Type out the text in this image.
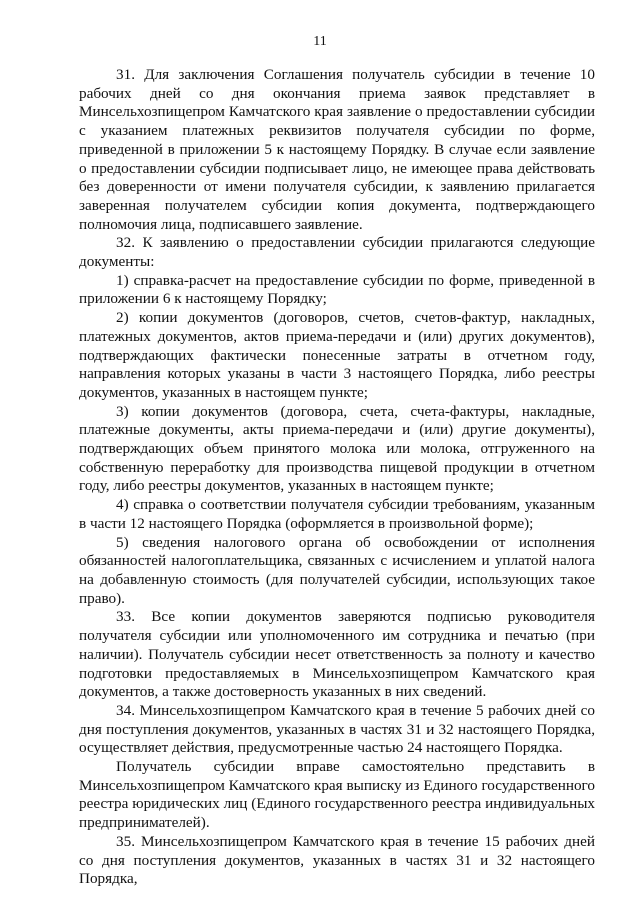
11

31. Для заключения Соглашения получатель субсидии в течение 10 рабочих дней со дня окончания приема заявок представляет в Минсельхозпищепром Камчатского края заявление о предоставлении субсидии с указанием платежных реквизитов получателя субсидии по форме, приведенной в приложении 5 к настоящему Порядку. В случае если заявление о предоставлении субсидии подписывает лицо, не имеющее права действовать без доверенности от имени получателя субсидии, к заявлению прилагается заверенная получателем субсидии копия документа, подтверждающего полномочия лица, подписавшего заявление.

32. К заявлению о предоставлении субсидии прилагаются следующие документы:

1) справка-расчет на предоставление субсидии по форме, приведенной в приложении 6 к настоящему Порядку;

2) копии документов (договоров, счетов, счетов-фактур, накладных, платежных документов, актов приема-передачи и (или) других документов), подтверждающих фактически понесенные затраты в отчетном году, направления которых указаны в части 3 настоящего Порядка, либо реестры документов, указанных в настоящем пункте;

3) копии документов (договора, счета, счета-фактуры, накладные, платежные документы, акты приема-передачи и (или) другие документы), подтверждающих объем принятого молока или молока, отгруженного на собственную переработку для производства пищевой продукции в отчетном году, либо реестры документов, указанных в настоящем пункте;

4) справка о соответствии получателя субсидии требованиям, указанным в части 12 настоящего Порядка (оформляется в произвольной форме);

5) сведения налогового органа об освобождении от исполнения обязанностей налогоплательщика, связанных с исчислением и уплатой налога на добавленную стоимость (для получателей субсидии, использующих такое право).

33. Все копии документов заверяются подписью руководителя получателя субсидии или уполномоченного им сотрудника и печатью (при наличии). Получатель субсидии несет ответственность за полноту и качество подготовки предоставляемых в Минсельхозпищепром Камчатского края документов, а также достоверность указанных в них сведений.

34. Минсельхозпищепром Камчатского края в течение 5 рабочих дней со дня поступления документов, указанных в частях 31 и 32 настоящего Порядка, осуществляет действия, предусмотренные частью 24 настоящего Порядка.

Получатель субсидии вправе самостоятельно представить в Минсельхозпищепром Камчатского края выписку из Единого государственного реестра юридических лиц (Единого государственного реестра индивидуальных предпринимателей).

35. Минсельхозпищепром Камчатского края в течение 15 рабочих дней со дня поступления документов, указанных в частях 31 и 32 настоящего Порядка,
